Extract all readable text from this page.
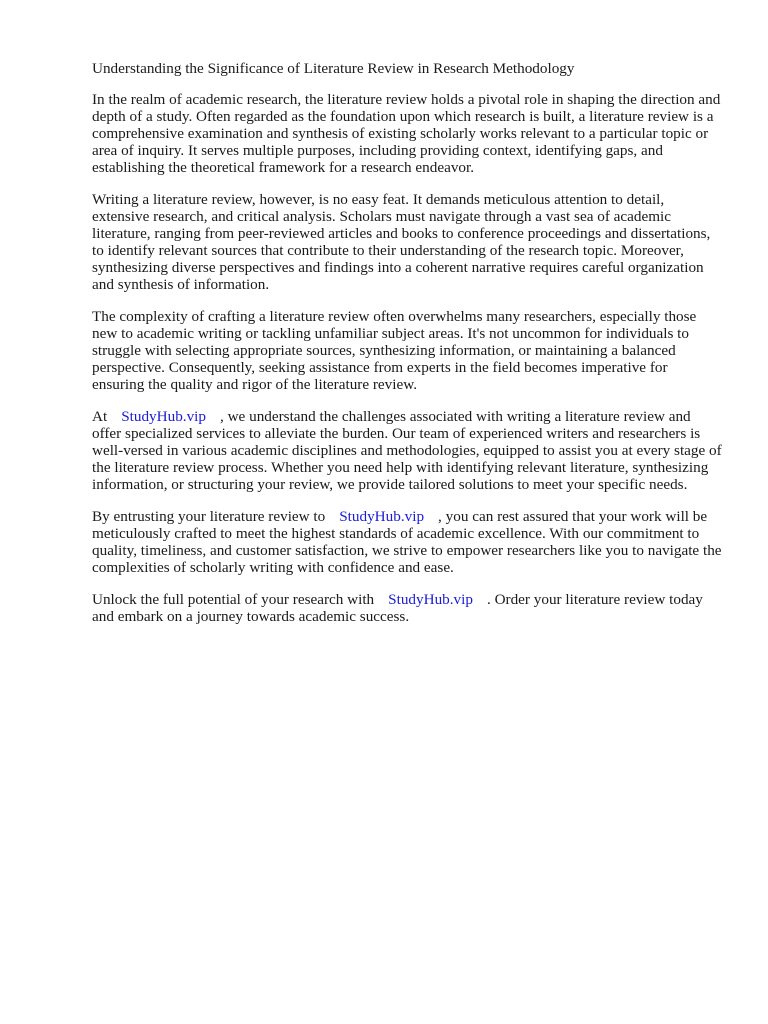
Understanding the Significance of Literature Review in Research Methodology

In the realm of academic research, the literature review holds a pivotal role in shaping the direction and depth of a study. Often regarded as the foundation upon which research is built, a literature review is a comprehensive examination and synthesis of existing scholarly works relevant to a particular topic or area of inquiry. It serves multiple purposes, including providing context, identifying gaps, and establishing the theoretical framework for a research endeavor.

Writing a literature review, however, is no easy feat. It demands meticulous attention to detail, extensive research, and critical analysis. Scholars must navigate through a vast sea of academic literature, ranging from peer-reviewed articles and books to conference proceedings and dissertations, to identify relevant sources that contribute to their understanding of the research topic. Moreover, synthesizing diverse perspectives and findings into a coherent narrative requires careful organization and synthesis of information.

The complexity of crafting a literature review often overwhelms many researchers, especially those new to academic writing or tackling unfamiliar subject areas. It's not uncommon for individuals to struggle with selecting appropriate sources, synthesizing information, or maintaining a balanced perspective. Consequently, seeking assistance from experts in the field becomes imperative for ensuring the quality and rigor of the literature review.

At StudyHub.vip , we understand the challenges associated with writing a literature review and offer specialized services to alleviate the burden. Our team of experienced writers and researchers is well-versed in various academic disciplines and methodologies, equipped to assist you at every stage of the literature review process. Whether you need help with identifying relevant literature, synthesizing information, or structuring your review, we provide tailored solutions to meet your specific needs.

By entrusting your literature review to StudyHub.vip , you can rest assured that your work will be meticulously crafted to meet the highest standards of academic excellence. With our commitment to quality, timeliness, and customer satisfaction, we strive to empower researchers like you to navigate the complexities of scholarly writing with confidence and ease.

Unlock the full potential of your research with StudyHub.vip . Order your literature review today and embark on a journey towards academic success.
